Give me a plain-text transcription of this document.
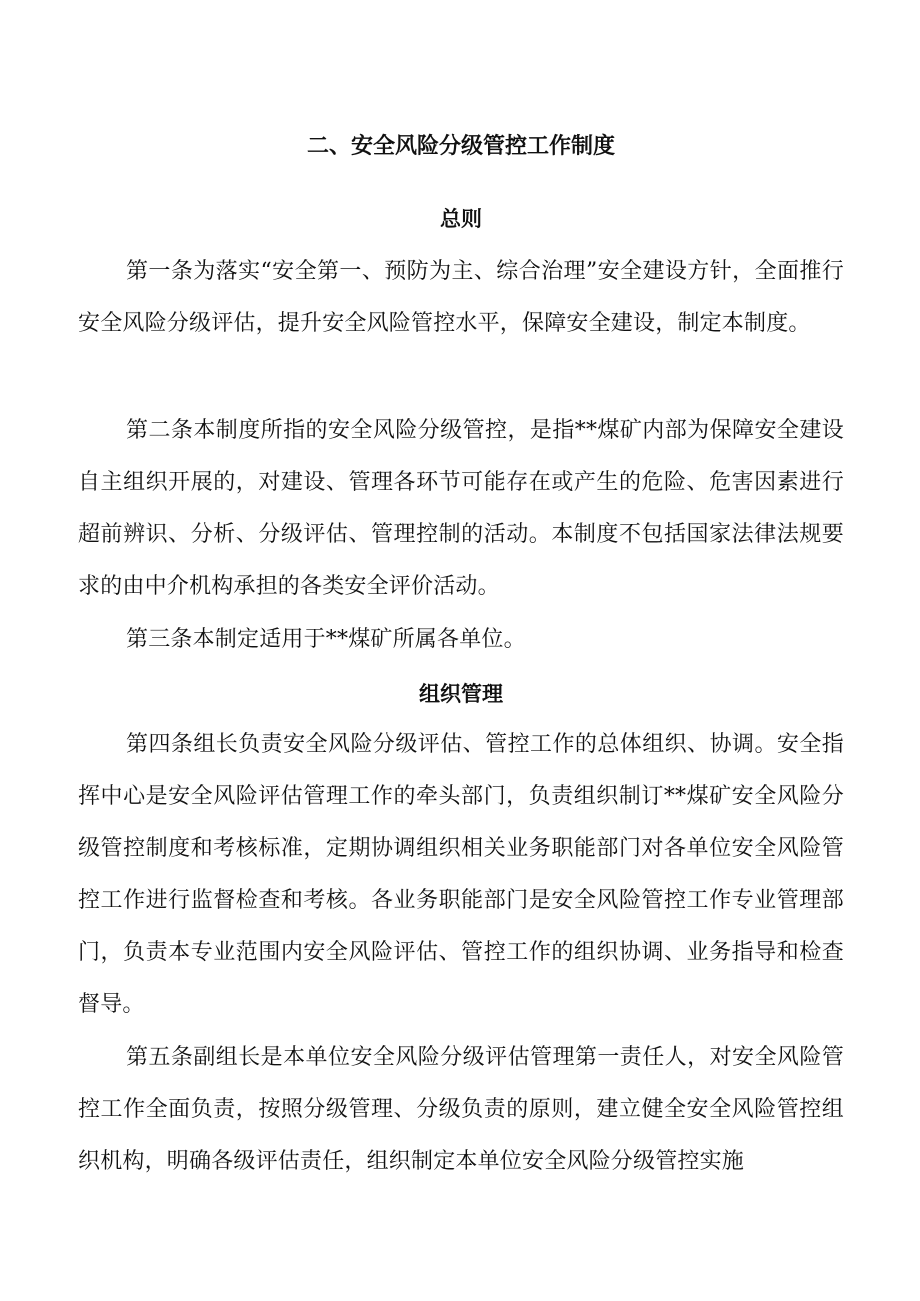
二、安全风险分级管控工作制度
总则
第一条为落实“安全第一、预防为主、综合治理”安全建设方针，全面推行安全风险分级评估，提升安全风险管控水平，保障安全建设，制定本制度。
第二条本制度所指的安全风险分级管控，是指**煤矿内部为保障安全建设自主组织开展的，对建设、管理各环节可能存在或产生的危险、危害因素进行超前辨识、分析、分级评估、管理控制的活动。本制度不包括国家法律法规要求的由中介机构承担的各类安全评价活动。
第三条本制定适用于**煤矿所属各单位。
组织管理
第四条组长负责安全风险分级评估、管控工作的总体组织、协调。安全指挥中心是安全风险评估管理工作的牵头部门，负责组织制订**煤矿安全风险分级管控制度和考核标准，定期协调组织相关业务职能部门对各单位安全风险管控工作进行监督检查和考核。各业务职能部门是安全风险管控工作专业管理部门，负责本专业范围内安全风险评估、管控工作的组织协调、业务指导和检查督导。
第五条副组长是本单位安全风险分级评估管理第一责任人，对安全风险管控工作全面负责，按照分级管理、分级负责的原则，建立健全安全风险管控组织机构，明确各级评估责任，组织制定本单位安全风险分级管控实施
